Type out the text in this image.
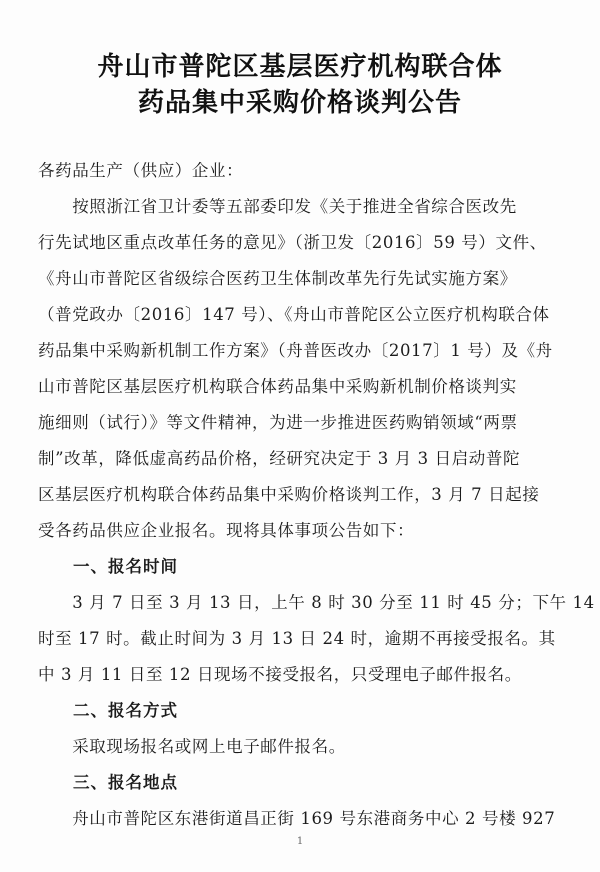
舟山市普陀区基层医疗机构联合体
药品集中采购价格谈判公告
各药品生产（供应）企业：
　　按照浙江省卫计委等五部委印发《关于推进全省综合医改先
行先试地区重点改革任务的意见》（浙卫发〔2016〕59 号）文件、
《舟山市普陀区省级综合医药卫生体制改革先行先试实施方案》
（普党政办〔2016〕147 号）、《舟山市普陀区公立医疗机构联合体
药品集中采购新机制工作方案》（舟普医改办〔2017〕1 号）及《舟
山市普陀区基层医疗机构联合体药品集中采购新机制价格谈判实
施细则（试行）》等文件精神，为进一步推进医药购销领域“两票
制”改革，降低虚高药品价格，经研究决定于 3 月 3 日启动普陀
区基层医疗机构联合体药品集中采购价格谈判工作，3 月 7 日起接
受各药品供应企业报名。现将具体事项公告如下：
　　一、报名时间
　　3 月 7 日至 3 月 13 日，上午 8 时 30 分至 11 时 45 分；下午 14
时至 17 时。截止时间为 3 月 13 日 24 时，逾期不再接受报名。其
中 3 月 11 日至 12 日现场不接受报名，只受理电子邮件报名。
　　二、报名方式
　　采取现场报名或网上电子邮件报名。
　　三、报名地点
　　舟山市普陀区东港街道昌正街 169 号东港商务中心 2 号楼 927
1
